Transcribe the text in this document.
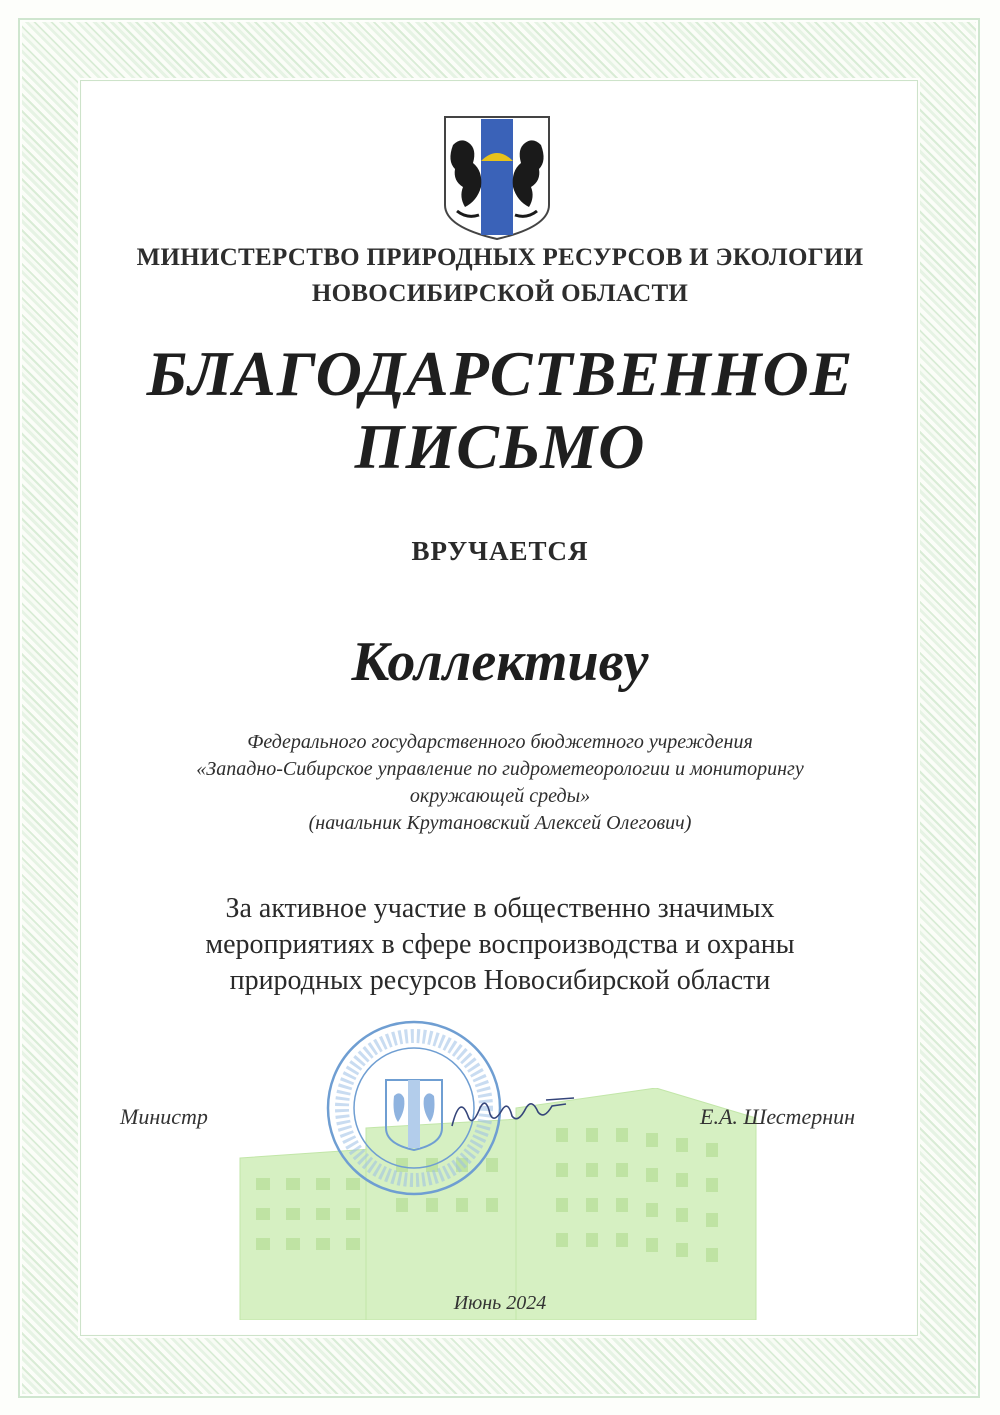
МИНИСТЕРСТВО ПРИРОДНЫХ РЕСУРСОВ И ЭКОЛОГИИ
НОВОСИБИРСКОЙ ОБЛАСТИ
БЛАГОДАРСТВЕННОЕ
ПИСЬМО
ВРУЧАЕТСЯ
Коллективу
Федерального государственного бюджетного учреждения
«Западно-Сибирское управление по гидрометеорологии и мониторингу
окружающей среды»
(начальник Крутановский Алексей Олегович)
За активное участие в общественно значимых
мероприятиях в сфере воспроизводства и охраны
природных ресурсов Новосибирской области
Министр	Е.А. Шестернин
Июнь 2024
